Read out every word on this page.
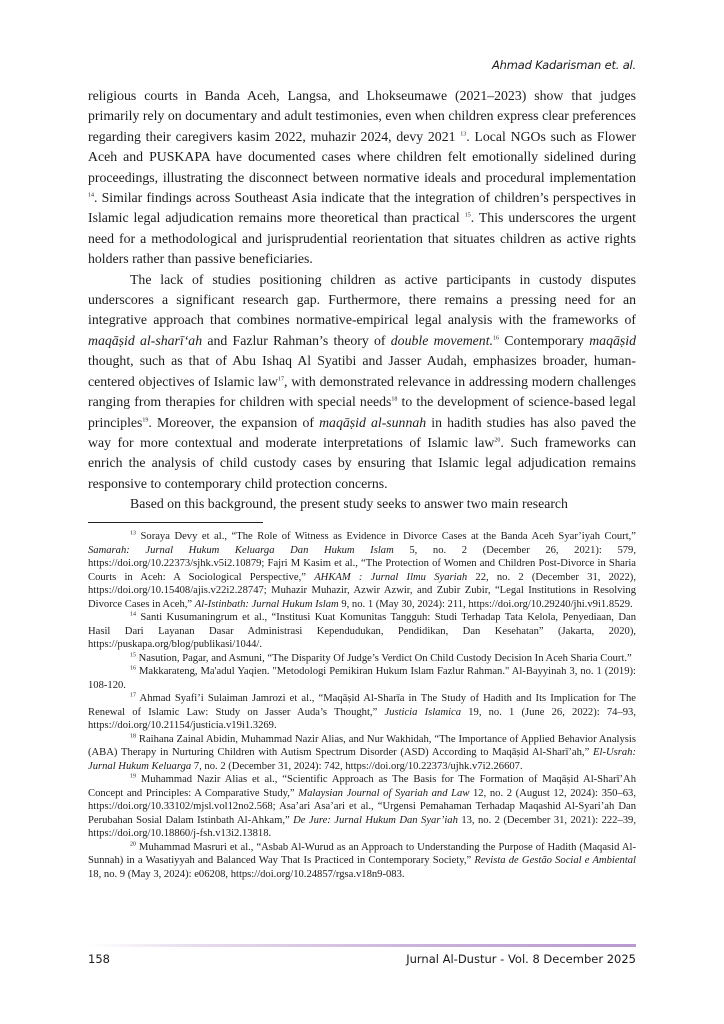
Ahmad Kadarisman et. al.

religious courts in Banda Aceh, Langsa, and Lhokseumawe (2021–2023) show that judges primarily rely on documentary and adult testimonies, even when children express clear preferences regarding their caregivers kasim 2022, muhazir 2024, devy 2021 $^{13}$. Local NGOs such as Flower Aceh and PUSKAPA have documented cases where children felt emotionally sidelined during proceedings, illustrating the disconnect between normative ideals and procedural implementation $^{14}$. Similar findings across Southeast Asia indicate that the integration of children’s perspectives in Islamic legal adjudication remains more theoretical than practical $^{15}$. This underscores the urgent need for a methodological and jurisprudential reorientation that situates children as active rights holders rather than passive beneficiaries.

The lack of studies positioning children as active participants in custody disputes underscores a significant research gap. Furthermore, there remains a pressing need for an integrative approach that combines normative-empirical legal analysis with the frameworks of maqāṣid al-sharī‘ah and Fazlur Rahman’s theory of double movement.$^{16}$ Contemporary maqāṣid thought, such as that of Abu Ishaq Al Syatibi and Jasser Audah, emphasizes broader, human-centered objectives of Islamic law$^{17}$, with demonstrated relevance in addressing modern challenges ranging from therapies for children with special needs$^{18}$ to the development of science-based legal principles$^{19}$. Moreover, the expansion of maqāṣid al-sunnah in hadith studies has also paved the way for more contextual and moderate interpretations of Islamic law$^{20}$. Such frameworks can enrich the analysis of child custody cases by ensuring that Islamic legal adjudication remains responsive to contemporary child protection concerns.

Based on this background, the present study seeks to answer two main research

$^{13}$ Soraya Devy et al., “The Role of Witness as Evidence in Divorce Cases at the Banda Aceh Syar’iyah Court,” Samarah: Jurnal Hukum Keluarga Dan Hukum Islam 5, no. 2 (December 26, 2021): 579, https://doi.org/10.22373/sjhk.v5i2.10879; Fajri M Kasim et al., “The Protection of Women and Children Post-Divorce in Sharia Courts in Aceh: A Sociological Perspective,” AHKAM : Jurnal Ilmu Syariah 22, no. 2 (December 31, 2022), https://doi.org/10.15408/ajis.v22i2.28747; Muhazir Muhazir, Azwir Azwir, and Zubir Zubir, “Legal Institutions in Resolving Divorce Cases in Aceh,” Al-Istinbath: Jurnal Hukum Islam 9, no. 1 (May 30, 2024): 211, https://doi.org/10.29240/jhi.v9i1.8529.

$^{14}$ Santi Kusumaningrum et al., “Institusi Kuat Komunitas Tangguh: Studi Terhadap Tata Kelola, Penyediaan, Dan Hasil Dari Layanan Dasar Administrasi Kependudukan, Pendidikan, Dan Kesehatan” (Jakarta, 2020), https://puskapa.org/blog/publikasi/1044/.

$^{15}$ Nasution, Pagar, and Asmuni, “The Disparity Of Judge’s Verdict On Child Custody Decision In Aceh Sharia Court.”

$^{16}$ Makkarateng, Ma'adul Yaqien. "Metodologi Pemikiran Hukum Islam Fazlur Rahman." Al-Bayyinah 3, no. 1 (2019): 108-120.

$^{17}$ Ahmad Syafi’i Sulaiman Jamrozi et al., “Maqāṣid Al-Sharīa in The Study of Hadith and Its Implication for The Renewal of Islamic Law: Study on Jasser Auda’s Thought,” Justicia Islamica 19, no. 1 (June 26, 2022): 74–93, https://doi.org/10.21154/justicia.v19i1.3269.

$^{18}$ Raihana Zainal Abidin, Muhammad Nazir Alias, and Nur Wakhidah, “The Importance of Applied Behavior Analysis (ABA) Therapy in Nurturing Children with Autism Spectrum Disorder (ASD) According to Maqāṣid Al-Sharī’ah,” El-Usrah: Jurnal Hukum Keluarga 7, no. 2 (December 31, 2024): 742, https://doi.org/10.22373/ujhk.v7i2.26607.

$^{19}$ Muhammad Nazir Alias et al., “Scientific Approach as The Basis for The Formation of Maqāṣid Al-Sharī’Ah Concept and Principles: A Comparative Study,” Malaysian Journal of Syariah and Law 12, no. 2 (August 12, 2024): 350–63, https://doi.org/10.33102/mjsl.vol12no2.568; Asa’ari Asa’ari et al., “Urgensi Pemahaman Terhadap Maqashid Al-Syari’ah Dan Perubahan Sosial Dalam Istinbath Al-Ahkam,” De Jure: Jurnal Hukum Dan Syar’iah 13, no. 2 (December 31, 2021): 222–39, https://doi.org/10.18860/j-fsh.v13i2.13818.

$^{20}$ Muhammad Masruri et al., “Asbab Al-Wurud as an Approach to Understanding the Purpose of Hadith (Maqasid Al-Sunnah) in a Wasatiyyah and Balanced Way That Is Practiced in Contemporary Society,” Revista de Gestão Social e Ambiental 18, no. 9 (May 3, 2024): e06208, https://doi.org/10.24857/rgsa.v18n9-083.

158	Jurnal Al-Dustur - Vol. 8 December 2025
